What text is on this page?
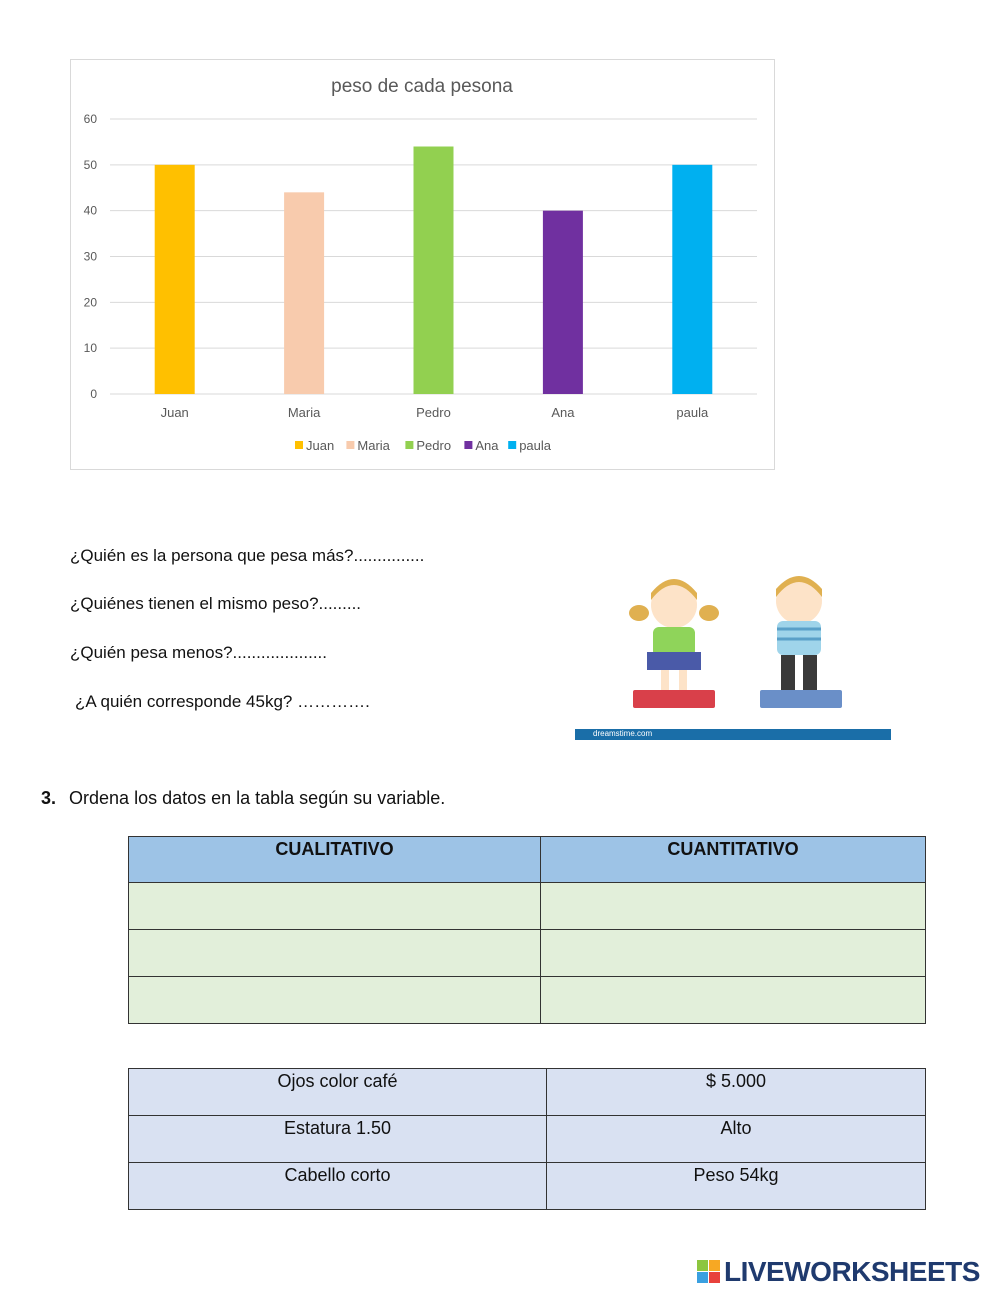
peso de cada pesona
0
10
20
30
40
50
60
Juan	Maria	Pedro	Ana	paula
Juan Maria Pedro Ana paula
¿Quién es la persona que pesa más?...............
¿Quiénes tienen el mismo peso?.........
¿Quién pesa menos?....................
¿A quién corresponde 45kg? ………….
dreamstime.com
3. Ordena los datos en la tabla según su variable.
CUALITATIVO	CUANTITATIVO

Ojos color café	$ 5.000
Estatura 1.50	Alto
Cabello corto	Peso 54kg
LIVEWORKSHEETS
